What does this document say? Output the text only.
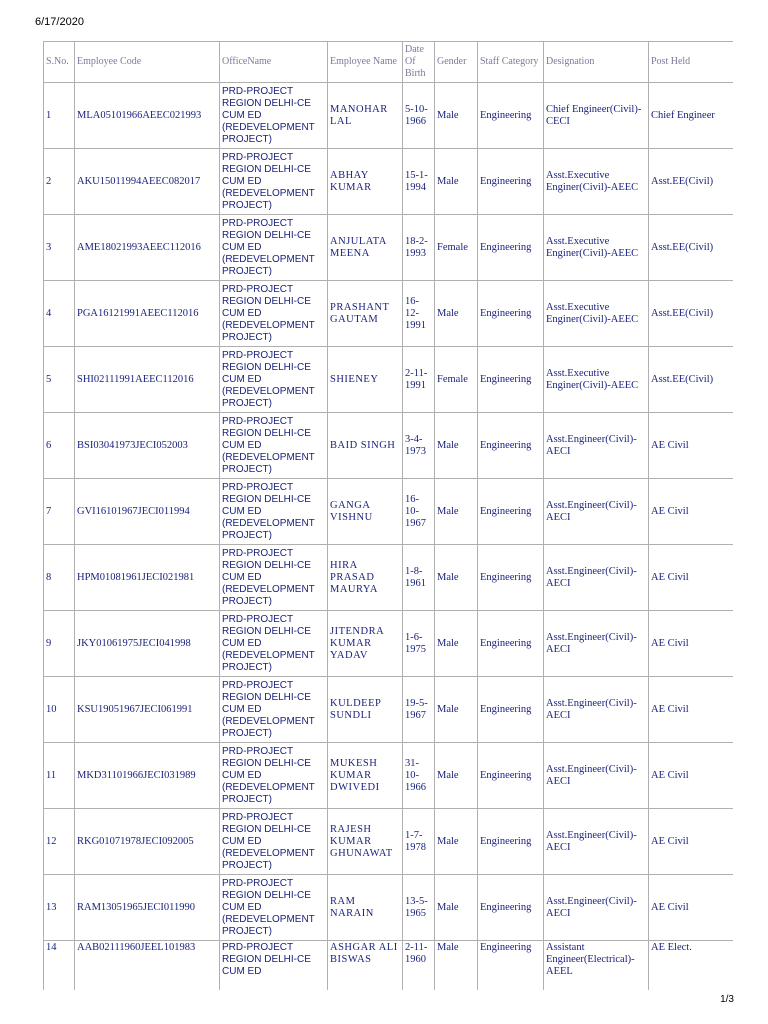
6/17/2020
S.No.	Employee Code	OfficeName	Employee Name	Date Of Birth	Gender	Staff Category	Designation	Post Held
1	MLA05101966AEEC021993	PRD-PROJECT REGION DELHI-CE CUM ED (REDEVELOPMENT PROJECT)	MANOHAR LAL	5-10-1966	Male	Engineering	Chief Engineer(Civil)-CECI	Chief Engineer
2	AKU15011994AEEC082017	PRD-PROJECT REGION DELHI-CE CUM ED (REDEVELOPMENT PROJECT)	ABHAY KUMAR	15-1-1994	Male	Engineering	Asst.Executive Enginer(Civil)-AEEC	Asst.EE(Civil)
3	AME18021993AEEC112016	PRD-PROJECT REGION DELHI-CE CUM ED (REDEVELOPMENT PROJECT)	ANJULATA MEENA	18-2-1993	Female	Engineering	Asst.Executive Enginer(Civil)-AEEC	Asst.EE(Civil)
4	PGA16121991AEEC112016	PRD-PROJECT REGION DELHI-CE CUM ED (REDEVELOPMENT PROJECT)	PRASHANT GAUTAM	16-12-1991	Male	Engineering	Asst.Executive Enginer(Civil)-AEEC	Asst.EE(Civil)
5	SHI02111991AEEC112016	PRD-PROJECT REGION DELHI-CE CUM ED (REDEVELOPMENT PROJECT)	SHIENEY	2-11-1991	Female	Engineering	Asst.Executive Enginer(Civil)-AEEC	Asst.EE(Civil)
6	BSI03041973JECI052003	PRD-PROJECT REGION DELHI-CE CUM ED (REDEVELOPMENT PROJECT)	BAID SINGH	3-4-1973	Male	Engineering	Asst.Engineer(Civil)-AECI	AE Civil
7	GVI16101967JECI011994	PRD-PROJECT REGION DELHI-CE CUM ED (REDEVELOPMENT PROJECT)	GANGA VISHNU	16-10-1967	Male	Engineering	Asst.Engineer(Civil)-AECI	AE Civil
8	HPM01081961JECI021981	PRD-PROJECT REGION DELHI-CE CUM ED (REDEVELOPMENT PROJECT)	HIRA PRASAD MAURYA	1-8-1961	Male	Engineering	Asst.Engineer(Civil)-AECI	AE Civil
9	JKY01061975JECI041998	PRD-PROJECT REGION DELHI-CE CUM ED (REDEVELOPMENT PROJECT)	JITENDRA KUMAR YADAV	1-6-1975	Male	Engineering	Asst.Engineer(Civil)-AECI	AE Civil
10	KSU19051967JECI061991	PRD-PROJECT REGION DELHI-CE CUM ED (REDEVELOPMENT PROJECT)	KULDEEP SUNDLI	19-5-1967	Male	Engineering	Asst.Engineer(Civil)-AECI	AE Civil
11	MKD31101966JECI031989	PRD-PROJECT REGION DELHI-CE CUM ED (REDEVELOPMENT PROJECT)	MUKESH KUMAR DWIVEDI	31-10-1966	Male	Engineering	Asst.Engineer(Civil)-AECI	AE Civil
12	RKG01071978JECI092005	PRD-PROJECT REGION DELHI-CE CUM ED (REDEVELOPMENT PROJECT)	RAJESH KUMAR GHUNAWAT	1-7-1978	Male	Engineering	Asst.Engineer(Civil)-AECI	AE Civil
13	RAM13051965JECI011990	PRD-PROJECT REGION DELHI-CE CUM ED (REDEVELOPMENT PROJECT)	RAM NARAIN	13-5-1965	Male	Engineering	Asst.Engineer(Civil)-AECI	AE Civil
14	AAB02111960JEEL101983	PRD-PROJECT REGION DELHI-CE CUM ED	ASHGAR ALI BISWAS	2-11-1960	Male	Engineering	Assistant Engineer(Electrical)-AEEL	AE Elect.
1/3
